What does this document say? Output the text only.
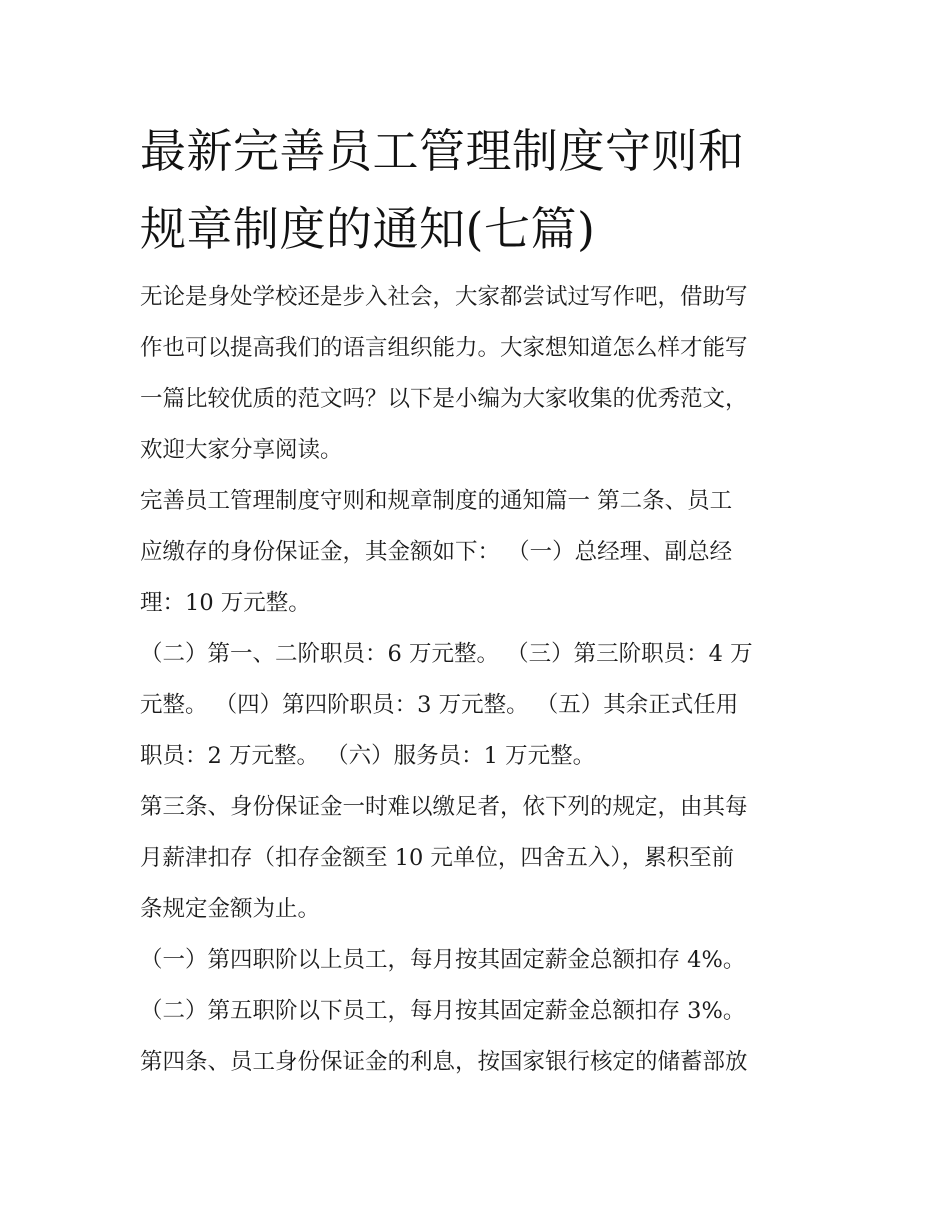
最新完善员工管理制度守则和
规章制度的通知(七篇)
无论是身处学校还是步入社会，大家都尝试过写作吧，借助写
作也可以提高我们的语言组织能力。大家想知道怎么样才能写
一篇比较优质的范文吗？以下是小编为大家收集的优秀范文，
欢迎大家分享阅读。
完善员工管理制度守则和规章制度的通知篇一 第二条、员工
应缴存的身份保证金，其金额如下： （一）总经理、副总经
理：10 万元整。
（二）第一、二阶职员：6 万元整。 （三）第三阶职员：4 万
元整。 （四）第四阶职员：3 万元整。 （五）其余正式任用
职员：2 万元整。 （六）服务员：1 万元整。
第三条、身份保证金一时难以缴足者，依下列的规定，由其每
月薪津扣存（扣存金额至 10 元单位，四舍五入），累积至前
条规定金额为止。
（一）第四职阶以上员工，每月按其固定薪金总额扣存 4%。
（二）第五职阶以下员工，每月按其固定薪金总额扣存 3%。
第四条、员工身份保证金的利息，按国家银行核定的储蓄部放
